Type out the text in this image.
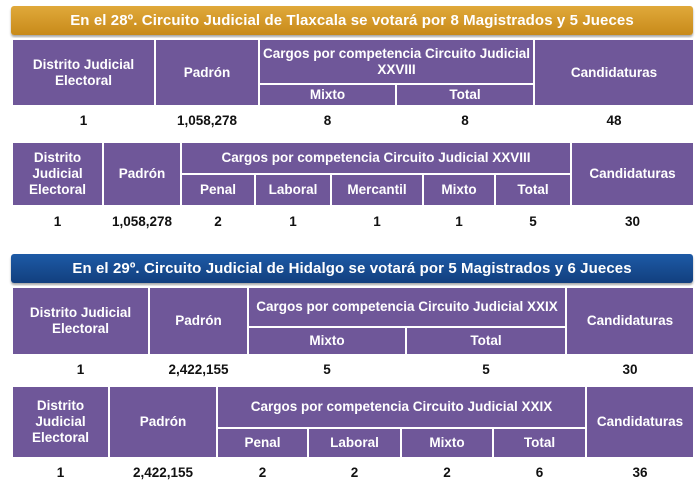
En el 28º. Circuito Judicial de Tlaxcala se votará por 8 Magistrados y 5 Jueces
Distrito Judicial Electoral	Padrón	Cargos por competencia Circuito Judicial XXVIII		Candidaturas
		Mixto	Total	
1	1,058,278	8	8	48
Distrito Judicial Electoral	Padrón	Cargos por competencia Circuito Judicial XXVIII					Candidaturas
		Penal	Laboral	Mercantil	Mixto	Total	
1	1,058,278	2	1	1	1	5	30
En el 29º. Circuito Judicial de Hidalgo se votará por 5 Magistrados y 6 Jueces
Distrito Judicial Electoral	Padrón	Cargos por competencia Circuito Judicial XXIX		Candidaturas
		Mixto	Total	
1	2,422,155	5	5	30
Distrito Judicial Electoral	Padrón	Cargos por competencia Circuito Judicial XXIX				Candidaturas
		Penal	Laboral	Mixto	Total	
1	2,422,155	2	2	2	6	36
